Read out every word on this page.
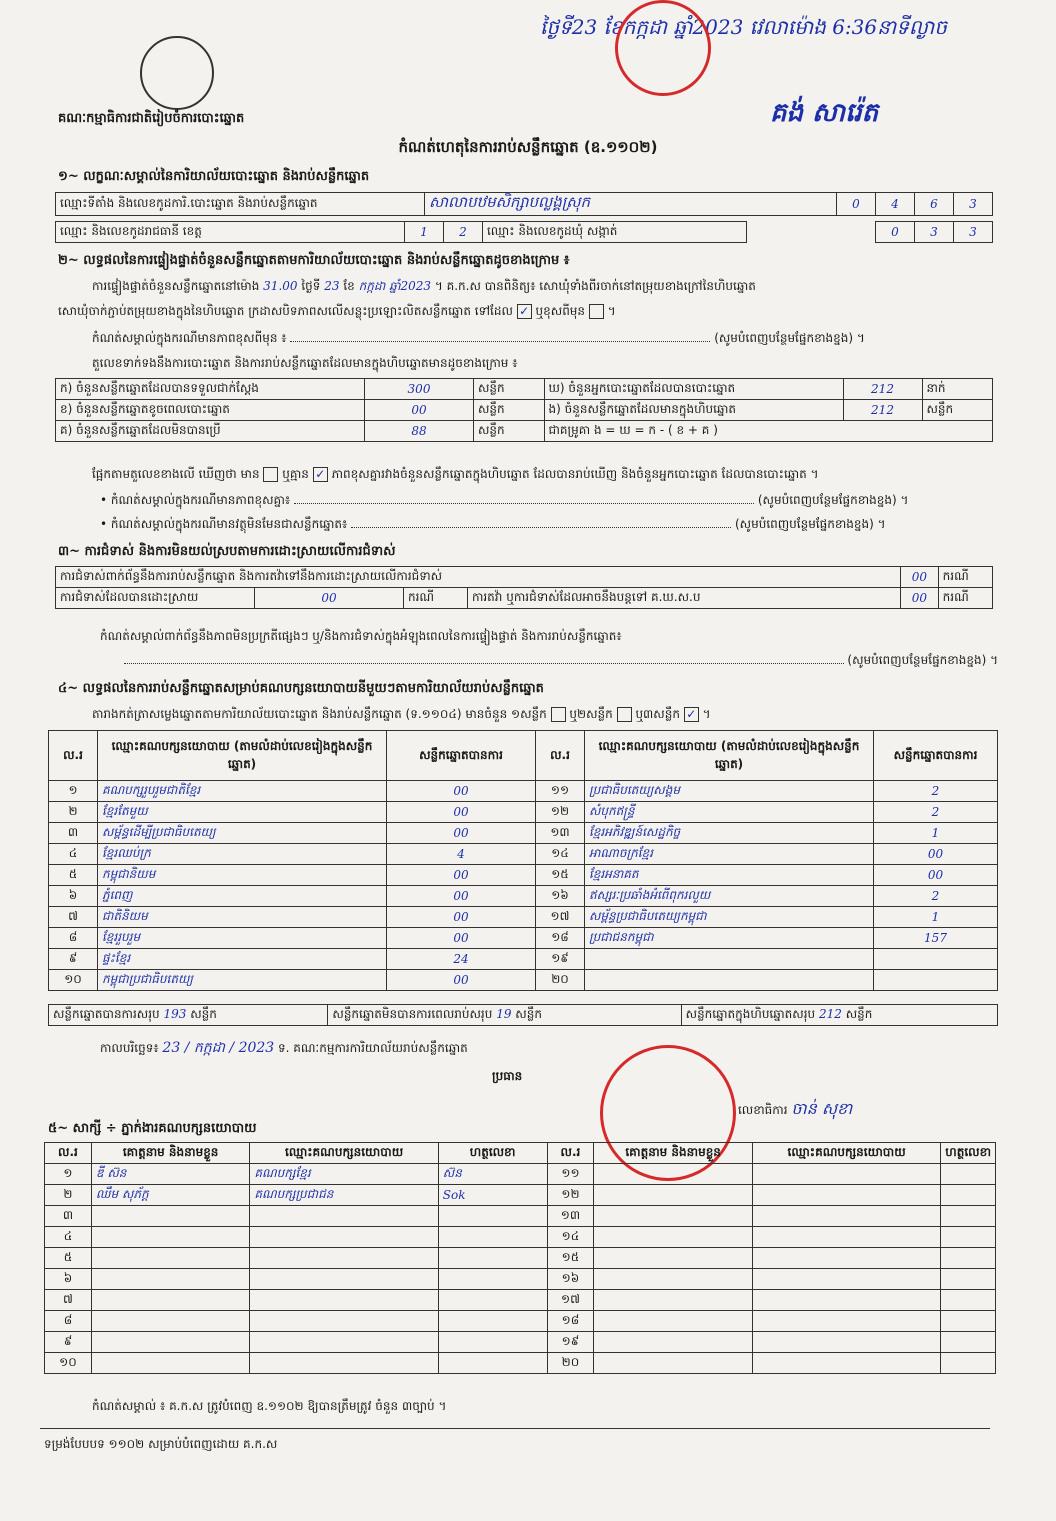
ថ្ងៃទី23 ខែកក្កដា ឆ្នាំ2023 វេលាម៉ោង 6:36នាទីល្ងាច
គង់ សារ៉េត
គណៈកម្មាធិការជាតិរៀបចំការបោះឆ្នោត
កំណត់ហេតុនៃការរាប់សន្លឹកឆ្នោត (ឧ.១១០២)
១~ លក្ខណៈសម្គាល់នៃការិយាល័យបោះឆ្នោត និងរាប់សន្លឹកឆ្នោត
ឈ្មោះទីតាំង និងលេខកូដការិ.បោះឆ្នោត និងរាប់សន្លឹកឆ្នោត	សាលាបឋមសិក្សាបល្លង្គស្រុក	0	4	6	3
ឈ្មោះ និងលេខកូដរាជធានី ខេត្ត	1	2	ឈ្មោះ និងលេខកូដឃុំ សង្កាត់		0	3	3
២~ លទ្ធផលនៃការផ្ទៀងផ្ទាត់ចំនួនសន្លឹកឆ្នោតតាមការិយាល័យបោះឆ្នោត និងរាប់សន្លឹកឆ្នោតដូចខាងក្រោម ៖
ការផ្ទៀងផ្ទាត់ចំនួនសន្លឹកឆ្នោតនៅម៉ោង 31.00 ថ្ងៃទី 23 ខែ កក្កដា ឆ្នាំ2023 ។ គ.ក.ស បានពិនិត្យ៖ សោឃុំទាំងពីរចាក់នៅតម្រុយខាងក្រៅនៃហិបឆ្នោត
សោឃុំចាក់ភ្ជាប់តម្រុយខាងក្នុងនៃហិបឆ្នោត ក្រដាសបិទភាពសលើសន្លុះប្រឡោះលិតសន្លឹកឆ្នោត ទៅដែល ✓ ឬខុសពីមុន  ។
កំណត់សម្គាល់ក្នុងករណីមានភាពខុសពីមុន ៖	(សូមបំពេញបន្ថែមផ្នែកខាងខ្នង) ។
តួលេខទាក់ទងនឹងការបោះឆ្នោត និងការរាប់សន្លឹកឆ្នោតដែលមានក្នុងហិបឆ្នោតមានដូចខាងក្រោម ៖
ក) ចំនួនសន្លឹកឆ្នោតដែលបានទទួលជាក់ស្តែង	300	សន្លឹក	ឃ) ចំនួនអ្នកបោះឆ្នោតដែលបានបោះឆ្នោត	212	នាក់
ខ) ចំនួនសន្លឹកឆ្នោតខូចពេលបោះឆ្នោត	00	សន្លឹក	ង) ចំនួនសន្លឹកឆ្នោតដែលមានក្នុងហិបឆ្នោត	212	សន្លឹក
គ) ចំនួនសន្លឹកឆ្នោតដែលមិនបានប្រើ	88	សន្លឹក	ជាគម្រូគា ង = ឃ = ក - ( ខ + គ )		
ផ្អែកតាមតួលេខខាងលើ ឃើញថា មាន ឬគ្មាន ✓ ភាពខុសគ្នារវាងចំនួនសន្លឹកឆ្នោតក្នុងហិបឆ្នោត ដែលបានរាប់ឃើញ និងចំនួនអ្នកបោះឆ្នោត ដែលបានបោះឆ្នោត ។
• កំណត់សម្គាល់ក្នុងករណីមានភាពខុសគ្នា៖	(សូមបំពេញបន្ថែមផ្នែកខាងខ្នង) ។
• កំណត់សម្គាល់ក្នុងករណីមានវត្ថុមិនមែនជាសន្លឹកឆ្នោត៖	(សូមបំពេញបន្ថែមផ្នែកខាងខ្នង) ។
៣~ ការជំទាស់ និងការមិនយល់ស្របតាមការដោះស្រាយលើការជំទាស់
ការជំទាស់ពាក់ព័ន្ធនឹងការរាប់សន្លឹកឆ្នោត និងការតវ៉ាទៅនឹងការដោះស្រាយលើការជំទាស់				00	ករណី
ការជំទាស់ដែលបានដោះស្រាយ	00	ករណី	ការតវ៉ា ឬការជំទាស់ដែលអាចនឹងបន្តទៅ គ.ឃ.ស.ប	00	ករណី
កំណត់សម្គាល់ពាក់ព័ន្ធនឹងភាពមិនប្រក្រតីផ្សេងៗ ឬ/និងការជំទាស់ក្នុងអំឡុងពេលនៃការផ្ទៀងផ្ទាត់ និងការរាប់សន្លឹកឆ្នោត៖
(សូមបំពេញបន្ថែមផ្នែកខាងខ្នង) ។
៤~ លទ្ធផលនៃការរាប់សន្លឹកឆ្នោតសម្រាប់គណបក្សនយោបាយនីមួយៗតាមការិយាល័យរាប់សន្លឹកឆ្នោត
តារាងកត់ត្រាសម្លេងឆ្នោតតាមការិយាល័យបោះឆ្នោត និងរាប់សន្លឹកឆ្នោត (ទ.១១០៤) មានចំនួន ១សន្លឹក ឬ២សន្លឹក ឬ៣សន្លឹក ✓ ។
ល.រ	ឈ្មោះគណបក្សនយោបាយ (តាមលំដាប់លេខរៀងក្នុងសន្លឹកឆ្នោត)	សន្លឹកឆ្នោតបានការ	ល.រ	ឈ្មោះគណបក្សនយោបាយ (តាមលំដាប់លេខរៀងក្នុងសន្លឹកឆ្នោត)	សន្លឹកឆ្នោតបានការ
១	គណបក្សរួបរួមជាតិខ្មែរ	00	១១	ប្រជាធិបតេយ្យសង្គម	2
២	ខ្មែរតែមួយ	00	១២	សំបុកឥន្ទ្រី	2
៣	សម្ព័ន្ធដើម្បីប្រជាធិបតេយ្យ	00	១៣	ខ្មែរអភិវឌ្ឍន៍សេដ្ឋកិច្ច	1
៤	ខ្មែរឈប់ក្រ	4	១៤	អាណាចក្រខ្មែរ	00
៥	កម្ពុជានិយម	00	១៥	ខ្មែរអនាគត	00
៦	ភ្នំពេញ	00	១៦	ឥស្សរៈប្រឆាំងអំពើពុករលួយ	2
៧	ជាតិនិយម	00	១៧	សម្ព័ន្ធប្រជាធិបតេយ្យកម្ពុជា	1
៨	ខ្មែររួបរួម	00	១៨	ប្រជាជនកម្ពុជា	157
៩	ផ្ទះខ្មែរ	24	១៩		
១០	កម្ពុជាប្រជាធិបតេយ្យ	00	២០		
សន្លឹកឆ្នោតបានការសរុប 193 សន្លឹក	សន្លឹកឆ្នោតមិនបានការពេលរាប់សរុប 19 សន្លឹក	សន្លឹកឆ្នោតក្នុងហិបឆ្នោតសរុប 212 សន្លឹក
កាលបរិច្ឆេទ៖ 23 / កក្កដា / 2023 ទ. គណៈកម្មការការិយាល័យរាប់សន្លឹកឆ្នោត
ប្រធាន
លេខាធិការ ចាន់ សុខា
៥~ សាក្សី ÷ ភ្នាក់ងារគណបក្សនយោបាយ
ល.រ	គោត្តនាម និងនាមខ្លួន	ឈ្មោះគណបក្សនយោបាយ	ហត្ថលេខា	ល.រ	គោត្តនាម និងនាមខ្លួន	ឈ្មោះគណបក្សនយោបាយ	ហត្ថលេខា
១	ឌី ស៊ន	គណបក្សខ្មែរ	ស៊ន	១១			
២	ឈឹម សុភ័ក្ត	គណបក្សប្រជាជន	Sok	១២			
៣				១៣			
៤				១៤			
៥				១៥			
៦				១៦			
៧				១៧			
៨				១៨			
៩				១៩			
១០				២០			
កំណត់សម្គាល់ ៖ គ.ក.ស ត្រូវបំពេញ ឧ.១១០២ ឱ្យបានត្រឹមត្រូវ ចំនួន ៣ច្បាប់ ។
ទម្រង់បែបបទ ១១០២ សម្រាប់បំពេញដោយ គ.ក.ស
